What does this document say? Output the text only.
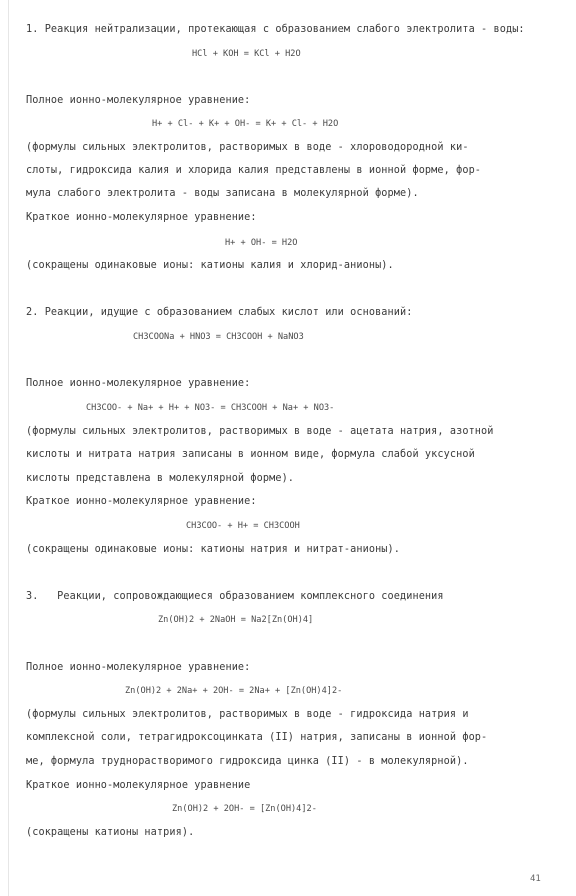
1. Реакция нейтрализации, протекающая с образованием слабого электролита - воды:
HCl + KOH = KCl + H2O
Полное ионно-молекулярное уравнение:
H+ + Cl- + K+ + OH- = K+ + Cl- + H2O
(формулы сильных электролитов, растворимых в воде - хлороводородной ки-
слоты, гидроксида калия и хлорида калия представлены в ионной форме, фор-
мула слабого электролита - воды записана в молекулярной форме).
Краткое ионно-молекулярное уравнение:
H+ + OH- = H2O
(сокращены одинаковые ионы: катионы калия и хлорид-анионы).
2. Реакции, идущие с образованием слабых кислот или оснований:
CH3COONa + HNO3 = CH3COOH + NaNO3
Полное ионно-молекулярное уравнение:
CH3COO- + Na+ + H+ + NO3- = CH3COOH + Na+ + NO3-
(формулы сильных электролитов, растворимых в воде - ацетата натрия, азотной
кислоты и нитрата натрия записаны в ионном виде, формула слабой уксусной
кислоты представлена в молекулярной форме).
Краткое ионно-молекулярное уравнение:
CH3COO- + H+ = CH3COOH
(сокращены одинаковые ионы: катионы натрия и нитрат-анионы).
3.   Реакции, сопровождающиеся образованием комплексного соединения
Zn(OH)2 + 2NaOH = Na2[Zn(OH)4]
Полное ионно-молекулярное уравнение:
Zn(OH)2 + 2Na+ + 2OH- = 2Na+ + [Zn(OH)4]2-
(формулы сильных электролитов, растворимых в воде - гидроксида натрия и
комплексной соли, тетрагидроксоцинката (II) натрия, записаны в ионной фор-
ме, формула труднорастворимого гидроксида цинка (II) - в молекулярной).
Краткое ионно-молекулярное уравнение
Zn(OH)2 + 2OH- = [Zn(OH)4]2-
(сокращены катионы натрия).
41
